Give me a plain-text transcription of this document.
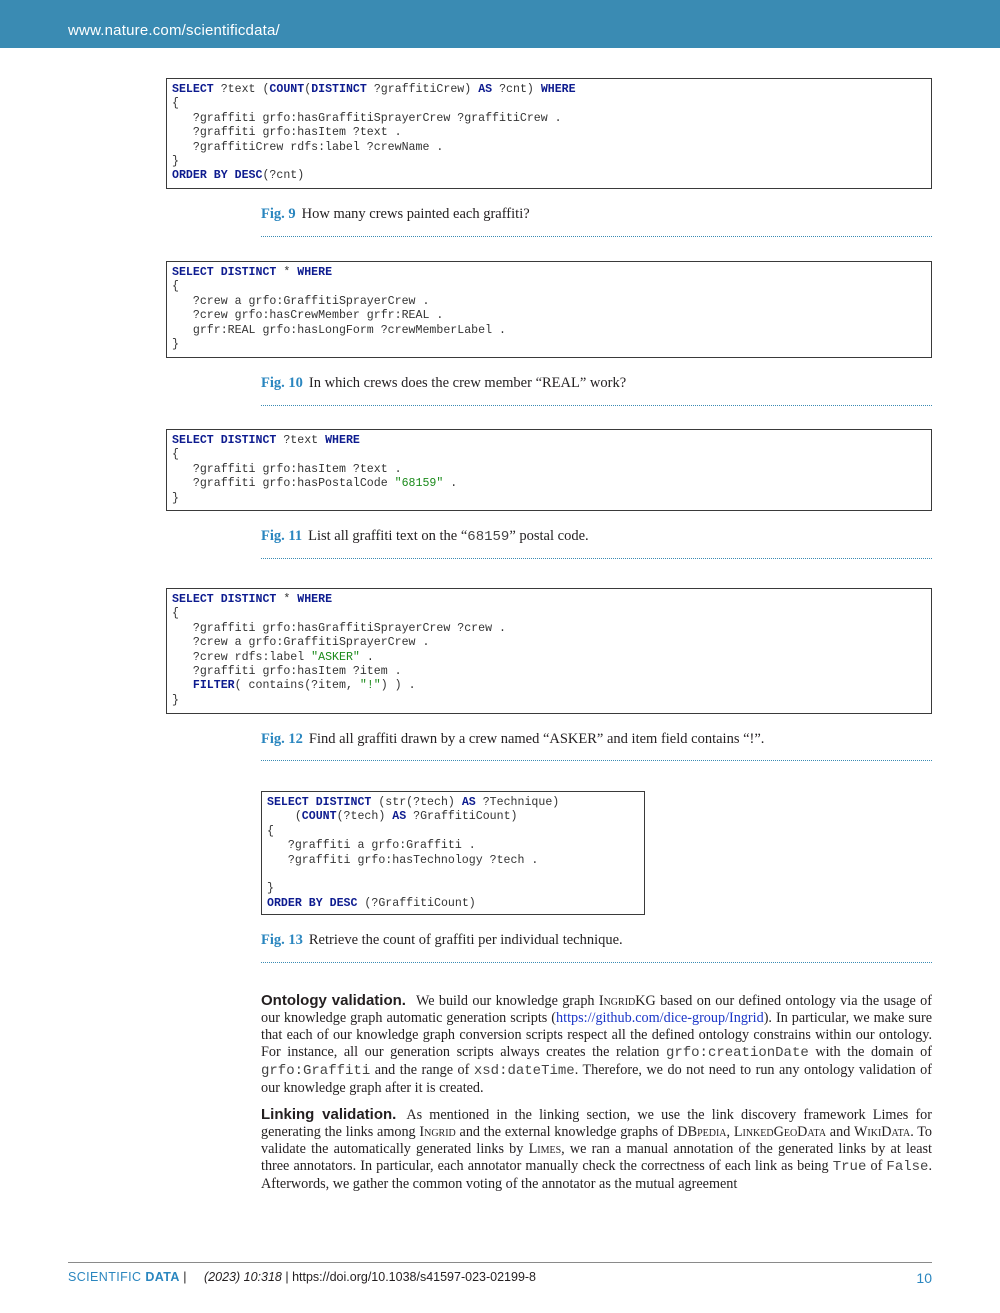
www.nature.com/scientificdata/
SELECT ?text (COUNT(DISTINCT ?graffitiCrew) AS ?cnt) WHERE
{
?graffiti grfo:hasGraffitiSprayerCrew ?graffitiCrew .
?graffiti grfo:hasItem ?text .
?graffitiCrew rdfs:label ?crewName .
}
ORDER BY DESC(?cnt)
Fig. 9 How many crews painted each graffiti?
SELECT DISTINCT * WHERE
{
?crew a grfo:GraffitiSprayerCrew .
?crew grfo:hasCrewMember grfr:REAL .
grfr:REAL grfo:hasLongForm ?crewMemberLabel .
}
Fig. 10 In which crews does the crew member “REAL” work?
SELECT DISTINCT ?text WHERE
{
?graffiti grfo:hasItem ?text .
?graffiti grfo:hasPostalCode "68159" .
}
Fig. 11 List all graffiti text on the “68159” postal code.
SELECT DISTINCT * WHERE
{
?graffiti grfo:hasGraffitiSprayerCrew ?crew .
?crew a grfo:GraffitiSprayerCrew .
?crew rdfs:label "ASKER" .
?graffiti grfo:hasItem ?item .
FILTER( contains(?item, "!") ) .
}
Fig. 12 Find all graffiti drawn by a crew named “ASKER” and item field contains “!”.
SELECT DISTINCT (str(?tech) AS ?Technique)
(COUNT(?tech) AS ?GraffitiCount)
{
?graffiti a grfo:Graffiti .
?graffiti grfo:hasTechnology ?tech .
}
ORDER BY DESC (?GraffitiCount)
Fig. 13 Retrieve the count of graffiti per individual technique.
Ontology validation. We build our knowledge graph IngridKG based on our defined ontology via the usage of our knowledge graph automatic generation scripts (https://github.com/dice-group/Ingrid). In particular, we make sure that each of our knowledge graph conversion scripts respect all the defined ontology constrains within our ontology. For instance, all our generation scripts always creates the relation grfo:creationDate with the domain of grfo:Graffiti and the range of xsd:dateTime. Therefore, we do not need to run any ontology validation of our knowledge graph after it is created.
Linking validation. As mentioned in the linking section, we use the link discovery framework Limes for generating the links among Ingrid and the external knowledge graphs of DBpedia, LinkedGeoData and WikiData. To validate the automatically generated links by Limes, we ran a manual annotation of the generated links by at least three annotators. In particular, each annotator manually check the correctness of each link as being True of False. Afterwords, we gather the common voting of the annotator as the mutual agreement
SCIENTIFIC DATA | (2023) 10:318 | https://doi.org/10.1038/s41597-023-02199-8	10
